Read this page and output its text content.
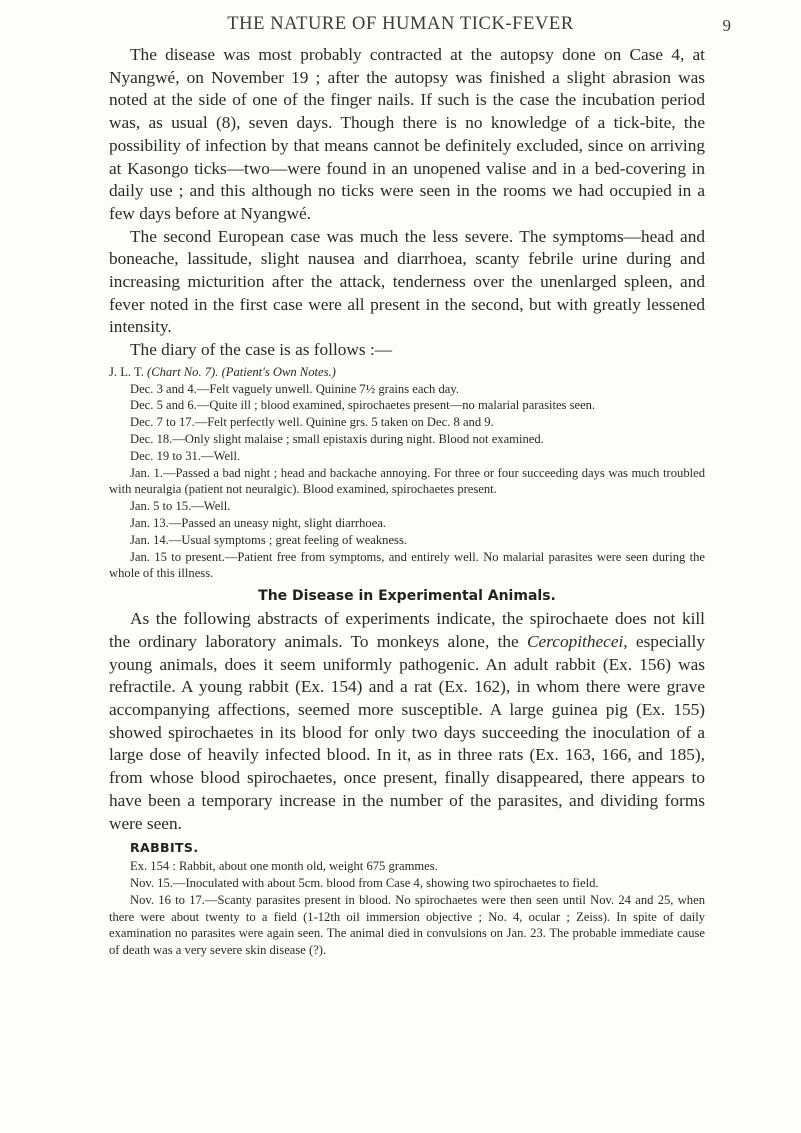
THE NATURE OF HUMAN TICK-FEVER	9

The disease was most probably contracted at the autopsy done on Case 4, at Nyangwé, on November 19 ; after the autopsy was finished a slight abrasion was noted at the side of one of the finger nails. If such is the case the incubation period was, as usual (8), seven days. Though there is no knowledge of a tick-bite, the possibility of infection by that means cannot be definitely excluded, since on arriving at Kasongo ticks—two—were found in an unopened valise and in a bed-covering in daily use ; and this although no ticks were seen in the rooms we had occupied in a few days before at Nyangwé.

The second European case was much the less severe. The symptoms—head and boneache, lassitude, slight nausea and diarrhoea, scanty febrile urine during and increasing micturition after the attack, tenderness over the unenlarged spleen, and fever noted in the first case were all present in the second, but with greatly lessened intensity.

The diary of the case is as follows :—

J. L. T. (Chart No. 7). (Patient's Own Notes.)

Dec. 3 and 4.—Felt vaguely unwell. Quinine 7½ grains each day.

Dec. 5 and 6.—Quite ill ; blood examined, spirochaetes present—no malarial parasites seen.

Dec. 7 to 17.—Felt perfectly well. Quinine grs. 5 taken on Dec. 8 and 9.

Dec. 18.—Only slight malaise ; small epistaxis during night. Blood not examined.

Dec. 19 to 31.—Well.

Jan. 1.—Passed a bad night ; head and backache annoying. For three or four succeeding days was much troubled with neuralgia (patient not neuralgic). Blood examined, spirochaetes present.

Jan. 5 to 15.—Well.

Jan. 13.—Passed an uneasy night, slight diarrhoea.

Jan. 14.—Usual symptoms ; great feeling of weakness.

Jan. 15 to present.—Patient free from symptoms, and entirely well. No malarial parasites were seen during the whole of this illness.

The Disease in Experimental Animals.

As the following abstracts of experiments indicate, the spirochaete does not kill the ordinary laboratory animals. To monkeys alone, the Cercopithecei, especially young animals, does it seem uniformly pathogenic. An adult rabbit (Ex. 156) was refractile. A young rabbit (Ex. 154) and a rat (Ex. 162), in whom there were grave accompanying affections, seemed more susceptible. A large guinea pig (Ex. 155) showed spirochaetes in its blood for only two days succeeding the inoculation of a large dose of heavily infected blood. In it, as in three rats (Ex. 163, 166, and 185), from whose blood spirochaetes, once present, finally disappeared, there appears to have been a temporary increase in the number of the parasites, and dividing forms were seen.

RABBITS.

Ex. 154 : Rabbit, about one month old, weight 675 grammes.

Nov. 15.—Inoculated with about 5cm. blood from Case 4, showing two spirochaetes to field.

Nov. 16 to 17.—Scanty parasites present in blood. No spirochaetes were then seen until Nov. 24 and 25, when there were about twenty to a field (1-12th oil immersion objective ; No. 4, ocular ; Zeiss). In spite of daily examination no parasites were again seen. The animal died in convulsions on Jan. 23. The probable immediate cause of death was a very severe skin disease (?).
